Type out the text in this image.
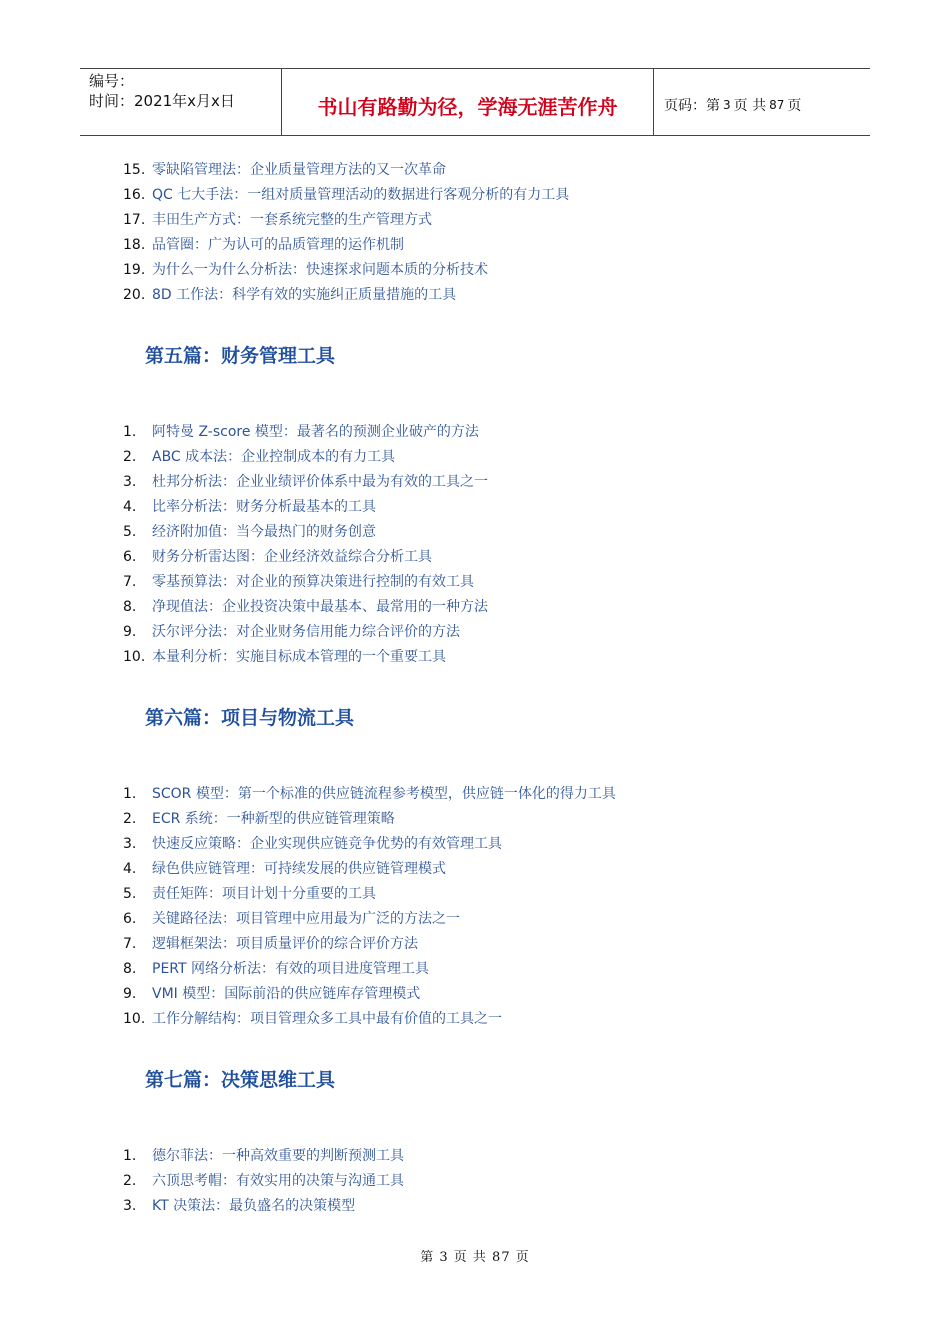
编号：
时间：2021年x月x日	书山有路勤为径，学海无涯苦作舟	页码：第 3 页 共 87 页
15. 零缺陷管理法：企业质量管理方法的又一次革命
16. QC 七大手法：一组对质量管理活动的数据进行客观分析的有力工具
17. 丰田生产方式：一套系统完整的生产管理方式
18. 品管圈：广为认可的品质管理的运作机制
19. 为什么一为什么分析法：快速探求问题本质的分析技术
20. 8D 工作法：科学有效的实施纠正质量措施的工具
第五篇：财务管理工具
1. 阿特曼 Z-score 模型：最著名的预测企业破产的方法
2. ABC 成本法：企业控制成本的有力工具
3. 杜邦分析法：企业业绩评价体系中最为有效的工具之一
4. 比率分析法：财务分析最基本的工具
5. 经济附加值：当今最热门的财务创意
6. 财务分析雷达图：企业经济效益综合分析工具
7. 零基预算法：对企业的预算决策进行控制的有效工具
8. 净现值法：企业投资决策中最基本、最常用的一种方法
9. 沃尔评分法：对企业财务信用能力综合评价的方法
10. 本量利分析：实施目标成本管理的一个重要工具
第六篇：项目与物流工具
1. SCOR 模型：第一个标准的供应链流程参考模型，供应链一体化的得力工具
2. ECR 系统：一种新型的供应链管理策略
3. 快速反应策略：企业实现供应链竞争优势的有效管理工具
4. 绿色供应链管理：可持续发展的供应链管理模式
5. 责任矩阵：项目计划十分重要的工具
6. 关键路径法：项目管理中应用最为广泛的方法之一
7. 逻辑框架法：项目质量评价的综合评价方法
8. PERT 网络分析法：有效的项目进度管理工具
9. VMI 模型：国际前沿的供应链库存管理模式
10. 工作分解结构：项目管理众多工具中最有价值的工具之一
第七篇：决策思维工具
1. 德尔菲法：一种高效重要的判断预测工具
2. 六顶思考帽：有效实用的决策与沟通工具
3. KT 决策法：最负盛名的决策模型
第 3 页 共 87 页
